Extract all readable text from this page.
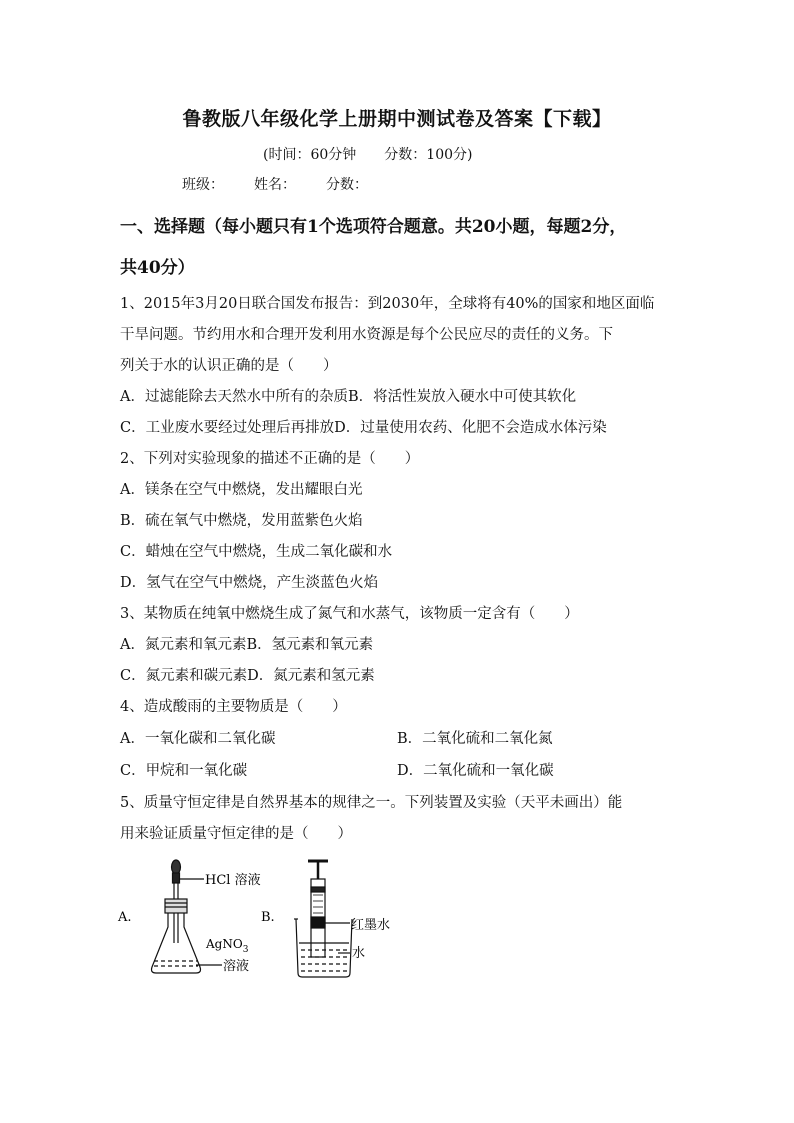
鲁教版八年级化学上册期中测试卷及答案【下载】
(时间：60分钟 分数：100分)
班级： 姓名： 分数：
一、选择题（每小题只有1个选项符合题意。共20小题，每题2分，
共40分）
1、2015年3月20日联合国发布报告：到2030年，全球将有40%的国家和地区面临
干旱问题。节约用水和合理开发利用水资源是每个公民应尽的责任的义务。下
列关于水的认识正确的是（　　）
A．过滤能除去天然水中所有的杂质B．将活性炭放入硬水中可使其软化
C．工业废水要经过处理后再排放D．过量使用农药、化肥不会造成水体污染
2、下列对实验现象的描述不正确的是（　　）
A．镁条在空气中燃烧，发出耀眼白光
B．硫在氧气中燃烧，发用蓝紫色火焰
C．蜡烛在空气中燃烧，生成二氧化碳和水
D．氢气在空气中燃烧，产生淡蓝色火焰
3、某物质在纯氧中燃烧生成了氮气和水蒸气，该物质一定含有（　　）
A．氮元素和氧元素B．氢元素和氧元素
C．氮元素和碳元素D．氮元素和氢元素
4、造成酸雨的主要物质是（　　）
A．一氧化碳和二氧化碳	B．二氧化硫和二氧化氮
C．甲烷和一氧化碳	D．二氧化硫和一氧化碳
5、质量守恒定律是自然界基本的规律之一。下列装置及实验（天平未画出）能
用来验证质量守恒定律的是（　　）
A.
HCl 溶液
AgNO$_3$
溶液
B.
红墨水
水
